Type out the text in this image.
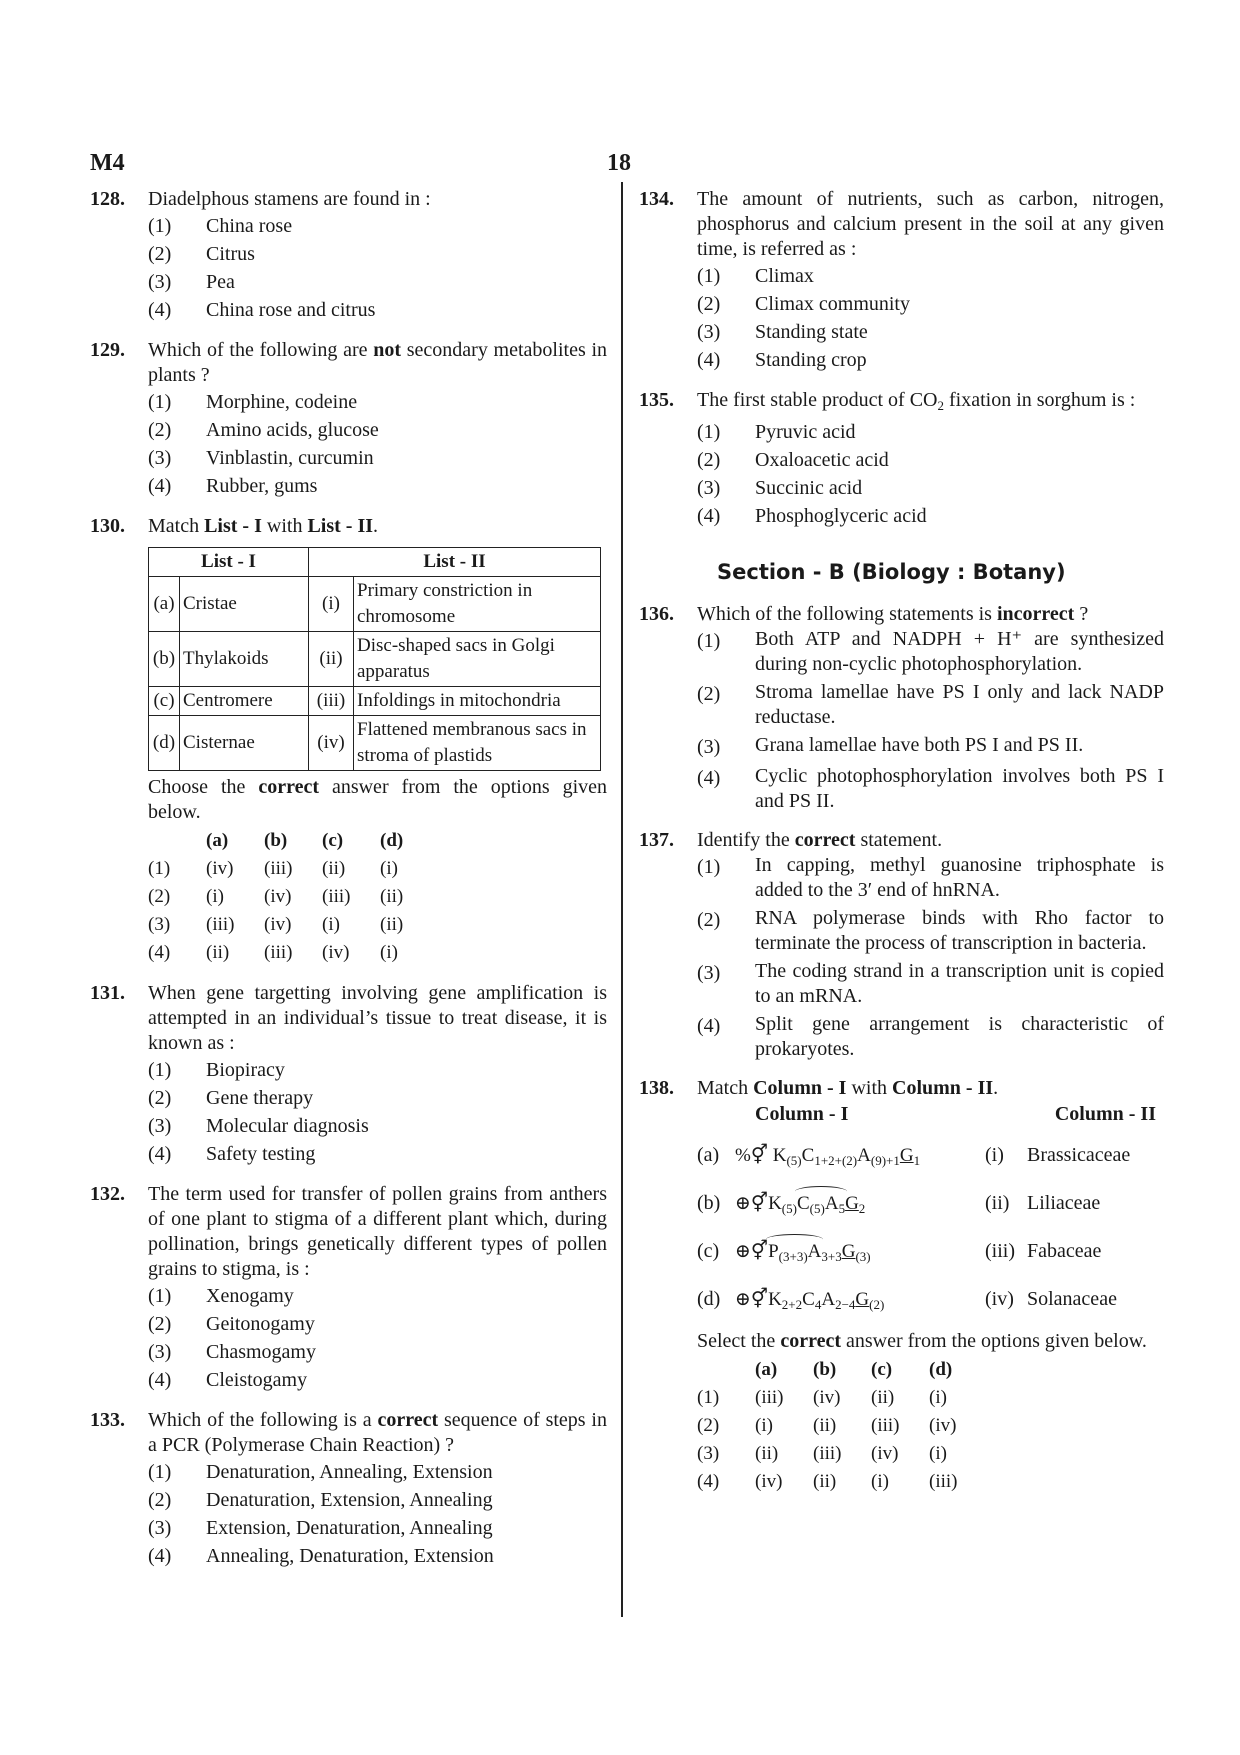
M4	18
128.	Diadelphous stamens are found in :
(1)	China rose
(2)	Citrus
(3)	Pea
(4)	China rose and citrus
129.	Which of the following are not secondary metabolites in plants ?
(1)	Morphine, codeine
(2)	Amino acids, glucose
(3)	Vinblastin, curcumin
(4)	Rubber, gums
130.	Match List - I with List - II.
List - I		List - II	
(a)	Cristae	(i)	Primary constriction in chromosome
(b)	Thylakoids	(ii)	Disc-shaped sacs in Golgi apparatus
(c)	Centromere	(iii)	Infoldings in mitochondria
(d)	Cisternae	(iv)	Flattened membranous sacs in stroma of plastids
Choose the correct answer from the options given below.
	(a)	(b)	(c)	(d)
(1)	(iv)	(iii)	(ii)	(i)
(2)	(i)	(iv)	(iii)	(ii)
(3)	(iii)	(iv)	(i)	(ii)
(4)	(ii)	(iii)	(iv)	(i)
131.	When gene targetting involving gene amplification is attempted in an individual’s tissue to treat disease, it is known as :
(1)	Biopiracy
(2)	Gene therapy
(3)	Molecular diagnosis
(4)	Safety testing
132.	The term used for transfer of pollen grains from anthers of one plant to stigma of a different plant which, during pollination, brings genetically different types of pollen grains to stigma, is :
(1)	Xenogamy
(2)	Geitonogamy
(3)	Chasmogamy
(4)	Cleistogamy
133.	Which of the following is a correct sequence of steps in a PCR (Polymerase Chain Reaction) ?
(1)	Denaturation, Annealing, Extension
(2)	Denaturation, Extension, Annealing
(3)	Extension, Denaturation, Annealing
(4)	Annealing, Denaturation, Extension
134.	The amount of nutrients, such as carbon, nitrogen, phosphorus and calcium present in the soil at any given time, is referred as :
(1)	Climax
(2)	Climax community
(3)	Standing state
(4)	Standing crop
135.	The first stable product of $CO_2$ fixation in sorghum is :
(1)	Pyruvic acid
(2)	Oxaloacetic acid
(3)	Succinic acid
(4)	Phosphoglyceric acid
Section - B (Biology : Botany)
136.	Which of the following statements is incorrect ?
(1)	Both ATP and NADPH + H⁺ are synthesized during non-cyclic photophosphorylation.
(2)	Stroma lamellae have PS I only and lack NADP reductase.
(3)	Grana lamellae have both PS I and PS II.
(4)	Cyclic photophosphorylation involves both PS I and PS II.
137.	Identify the correct statement.
(1)	In capping, methyl guanosine triphosphate is added to the 3′ end of hnRNA.
(2)	RNA polymerase binds with Rho factor to terminate the process of transcription in bacteria.
(3)	The coding strand in a transcription unit is copied to an mRNA.
(4)	Split gene arrangement is characteristic of prokaryotes.
138.	Match Column - I with Column - II.
Column - I	Column - II
(a) %⚥ $K_{(5)}C_{1+2+(2)}A_{(9)+1}G_1$	(i)	Brassicaceae
(b) $\oplus⚥K_{(5)}C_{(5)}A_5G_2$	(ii) Liliaceae
(c) $\oplus⚥P_{(3+3)}A_{3+3}G_{(3)}$	(iii) Fabaceae
(d) $\oplus⚥K_{2+2}C_4A_{2-4}G_{(2)}$	(iv) Solanaceae
Select the correct answer from the options given below.
	(a)	(b)	(c)	(d)
(1)	(iii)	(iv)	(ii)	(i)
(2)	(i)	(ii)	(iii)	(iv)
(3)	(ii)	(iii)	(iv)	(i)
(4)	(iv)	(ii)	(i)	(iii)
